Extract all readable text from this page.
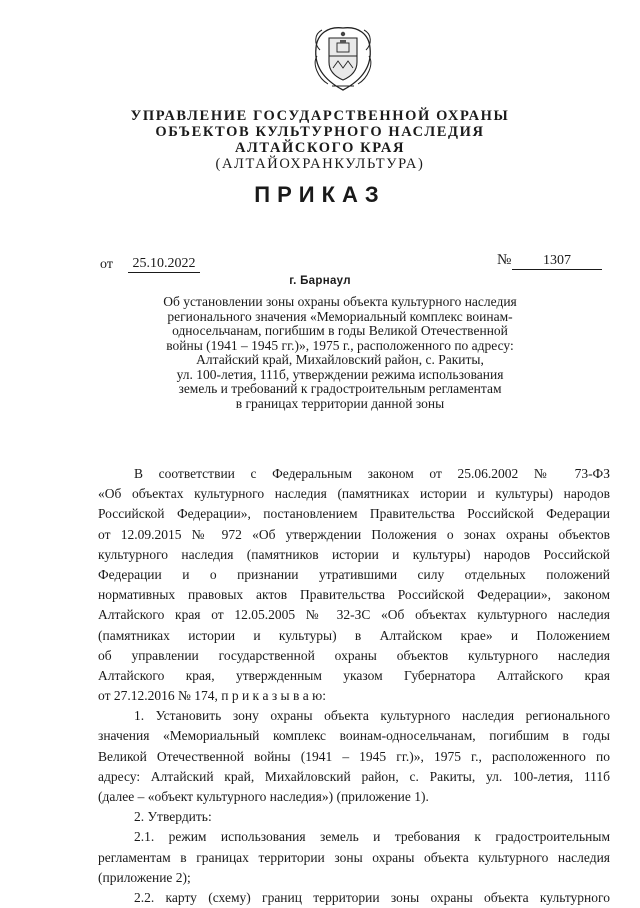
УПРАВЛЕНИЕ ГОСУДАРСТВЕННОЙ ОХРАНЫ
ОБЪЕКТОВ КУЛЬТУРНОГО НАСЛЕДИЯ
АЛТАЙСКОГО КРАЯ
(АЛТАЙОХРАНКУЛЬТУРА)
ПРИКАЗ
от	25.10.2022	№	1307
г. Барнаул
Об установлении зоны охраны объекта культурного наследия
регионального значения «Мемориальный комплекс воинам-
односельчанам, погибшим в годы Великой Отечественной
войны (1941 – 1945 гг.)», 1975 г., расположенного по адресу:
Алтайский край, Михайловский район, с. Ракиты,
ул. 100-летия, 111б, утверждении режима использования
земель и требований к градостроительным регламентам
в границах территории данной зоны
В соответствии с Федеральным законом от 25.06.2002 № 73-ФЗ
«Об объектах культурного наследия (памятниках истории и культуры) народов
Российской Федерации», постановлением Правительства Российской Федерации
от 12.09.2015 № 972 «Об утверждении Положения о зонах охраны объектов
культурного наследия (памятников истории и культуры) народов Российской
Федерации и о признании утратившими силу отдельных положений
нормативных правовых актов Правительства Российской Федерации», законом
Алтайского края от 12.05.2005 № 32-ЗС «Об объектах культурного наследия
(памятниках истории и культуры) в Алтайском крае» и Положением
об управлении государственной охраны объектов культурного наследия
Алтайского края, утвержденным указом Губернатора Алтайского края
от 27.12.2016 № 174, п р и к а з ы в а ю:
1. Установить зону охраны объекта культурного наследия регионального
значения «Мемориальный комплекс воинам-односельчанам, погибшим в годы
Великой Отечественной войны (1941 – 1945 гг.)», 1975 г., расположенного по
адресу: Алтайский край, Михайловский район, с. Ракиты, ул. 100-летия, 111б
(далее – «объект культурного наследия») (приложение 1).
2. Утвердить:
2.1. режим использования земель и требования к градостроительным
регламентам в границах территории зоны охраны объекта культурного наследия
(приложение 2);
2.2. карту (схему) границ территории зоны охраны объекта культурного
